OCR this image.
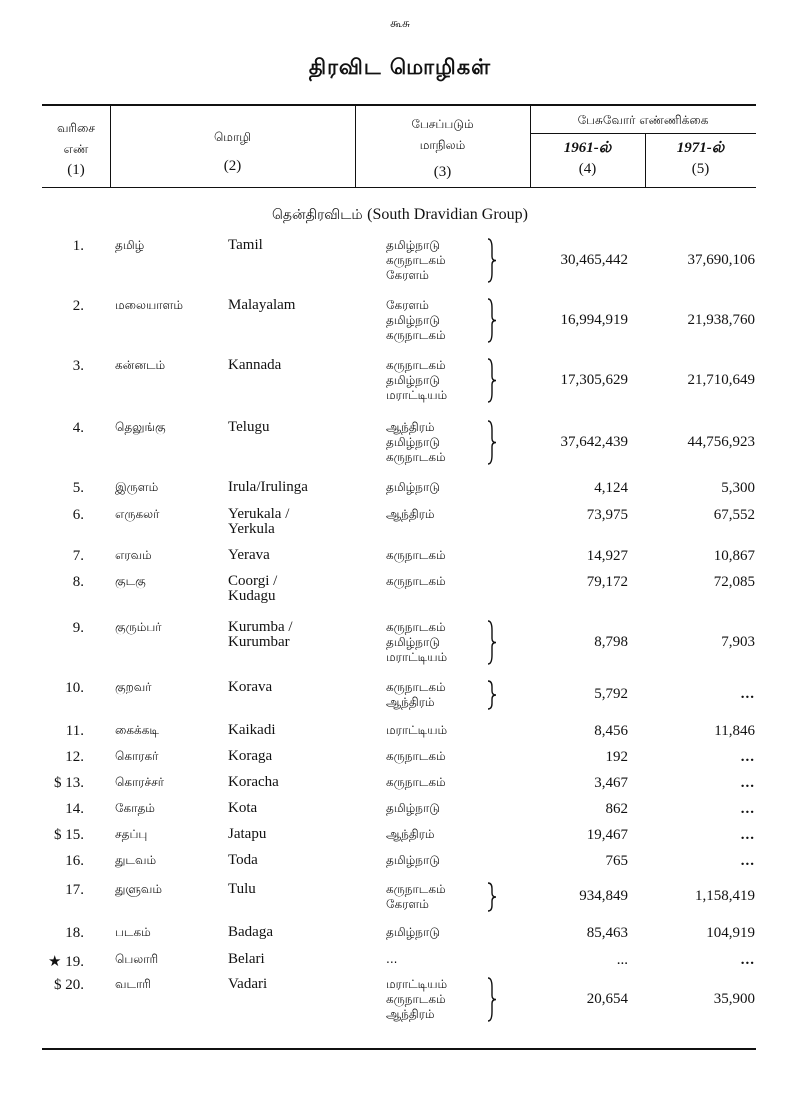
கூசு
திரவிட மொழிகள்
வரிசை
எண்
(1)
மொழி
(2)
பேசப்படும்
மாநிலம்
(3)
பேசுவோர் எண்ணிக்கை
1961-ல்
(4)
1971-ல்
(5)
தென்திரவிடம் (South Dravidian Group)
1.	தமிழ்	Tamil	தமிழ்நாடு
கருநாடகம்
கேரளம்
30,465,442	37,690,106
2.	மலையாளம்	Malayalam	கேரளம்
தமிழ்நாடு
கருநாடகம்
16,994,919	21,938,760
3.	கன்னடம்	Kannada	கருநாடகம்
தமிழ்நாடு
மராட்டியம்
17,305,629	21,710,649
4.	தெலுங்கு	Telugu	ஆந்திரம்
தமிழ்நாடு
கருநாடகம்
37,642,439	44,756,923
5.	இருளம்	Irula/Irulinga	தமிழ்நாடு	4,124	5,300
6.	எருகலர்	Yerukala /
Yerkula
ஆந்திரம்	73,975	67,552
7.	எரவம்	Yerava	கருநாடகம்	14,927	10,867
8.	குடகு	Coorgi /
Kudagu
கருநாடகம்	79,172	72,085
9.	குரும்பர்	Kurumba /
Kurumbar
கருநாடகம்
தமிழ்நாடு
மராட்டியம்
8,798	7,903
10.	குறவர்	Korava	கருநாடகம்
ஆந்திரம்	5,792	...
11.	கைக்கடி	Kaikadi	மராட்டியம்	8,456	11,846
12.	கொரகர்	Koraga	கருநாடகம்	192	...
$ 13.	கொரச்சர்	Koracha	கருநாடகம்	3,467	...
14.	கோதம்	Kota	தமிழ்நாடு	862	...
$ 15.	சதப்பு	Jatapu	ஆந்திரம்	19,467	...
16.	துடவம்	Toda	தமிழ்நாடு	765	...
17.	துளுவம்	Tulu	கருநாடகம்
கேரளம்	934,849	1,158,419
18.	படகம்	Badaga	தமிழ்நாடு	85,463	104,919
★ 19.	பெலாரி	Belari	...	...	...
$ 20.	வடாரி	Vadari	மராட்டியம்
கருநாடகம்
ஆந்திரம்
20,654	35,900
